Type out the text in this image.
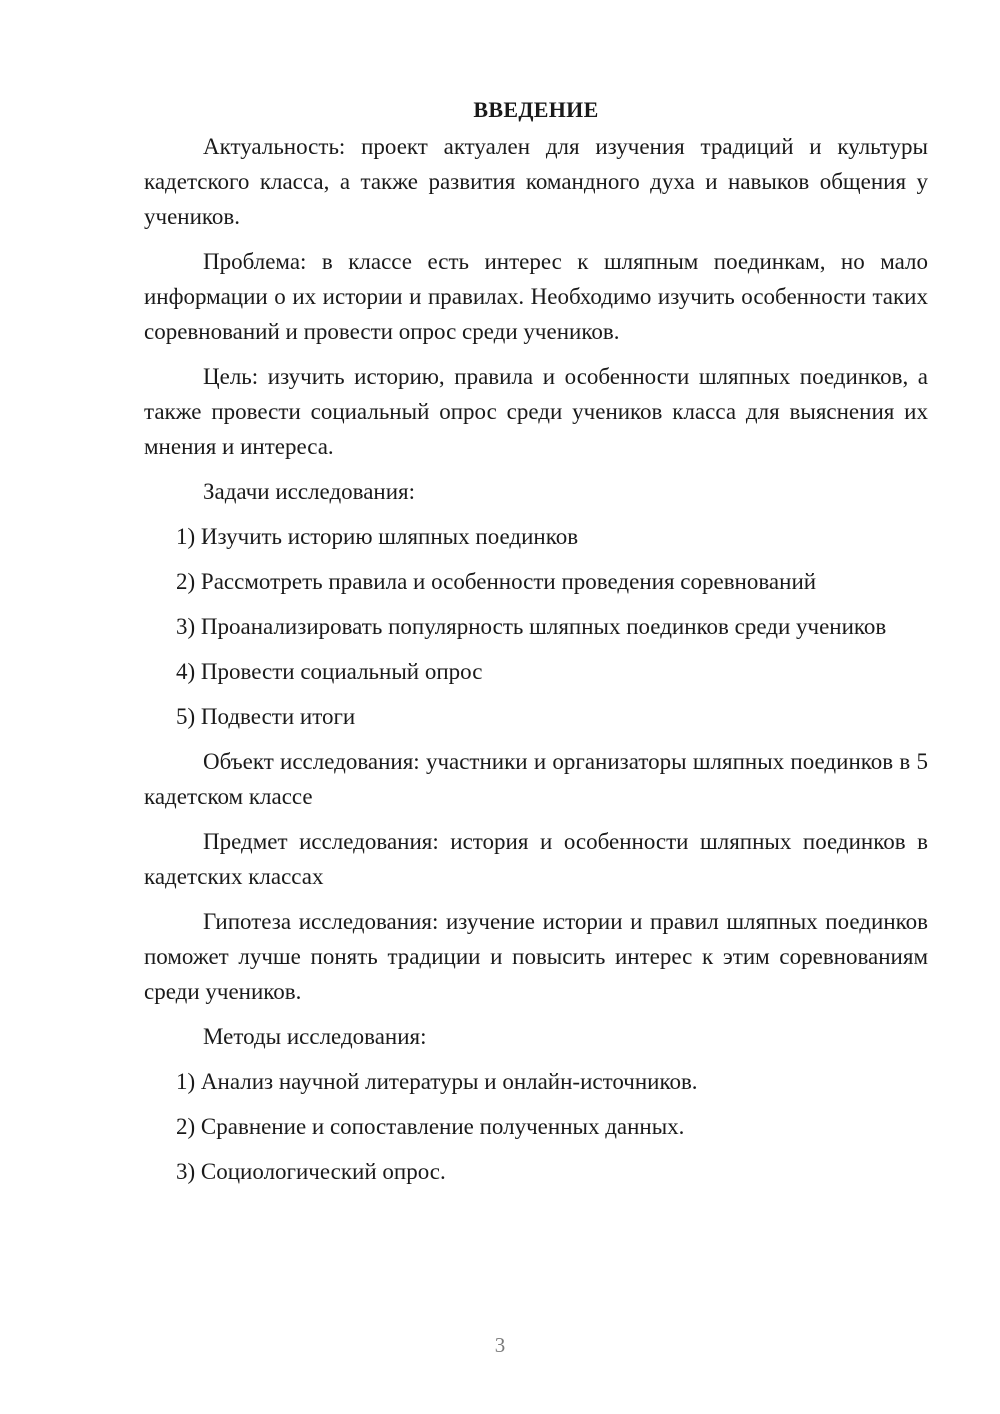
ВВЕДЕНИЕ

Актуальность: проект актуален для изучения традиций и культуры кадетского класса, а также развития командного духа и навыков общения у учеников.

Проблема: в классе есть интерес к шляпным поединкам, но мало информации о их истории и правилах. Необходимо изучить особенности таких соревнований и провести опрос среди учеников.

Цель: изучить историю, правила и особенности шляпных поединков, а также провести социальный опрос среди учеников класса для выяснения их мнения и интереса.

Задачи исследования:

1) Изучить историю шляпных поединков

2) Рассмотреть правила и особенности проведения соревнований

3) Проанализировать популярность шляпных поединков среди учеников

4) Провести социальный опрос

5) Подвести итоги

Объект исследования: участники и организаторы шляпных поединков в 5 кадетском классе

Предмет исследования: история и особенности шляпных поединков в кадетских классах

Гипотеза исследования: изучение истории и правил шляпных поединков поможет лучше понять традиции и повысить интерес к этим соревнованиям среди учеников.

Методы исследования:

1) Анализ научной литературы и онлайн-источников.

2) Сравнение и сопоставление полученных данных.

3) Социологический опрос.

3
